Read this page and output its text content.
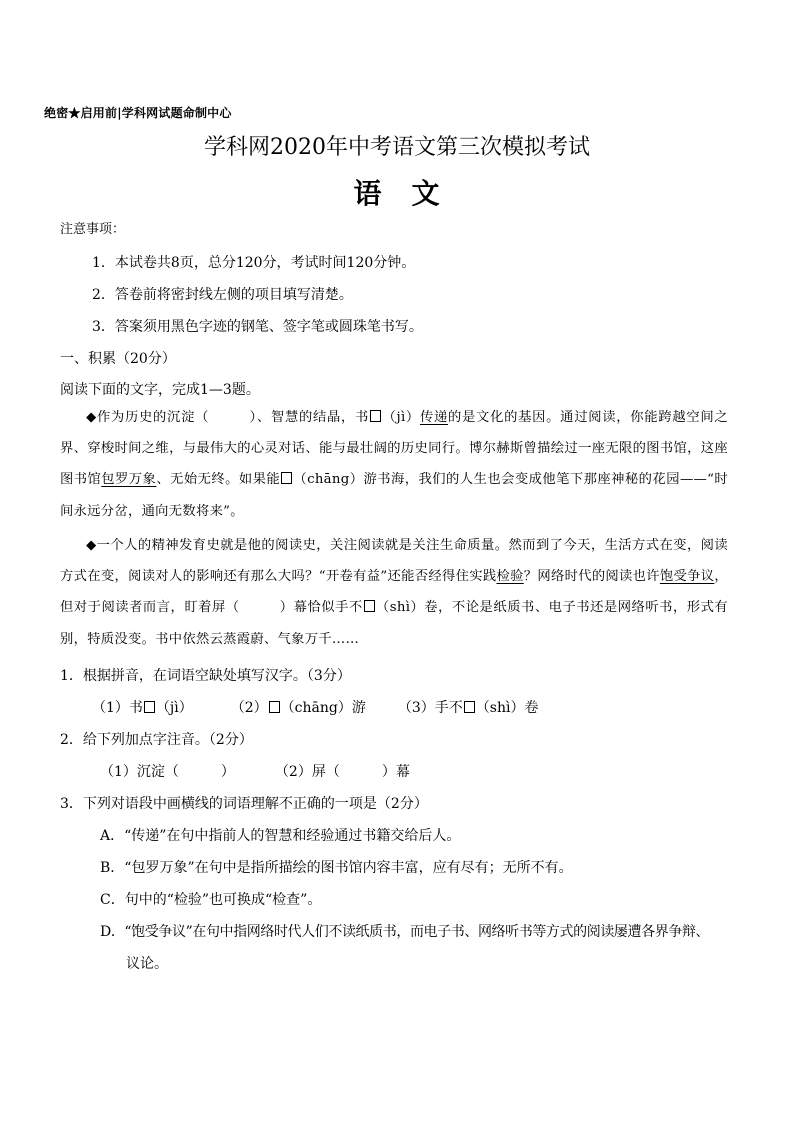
绝密★启用前|学科网试题命制中心
学科网2020年中考语文第三次模拟考试
语　文
注意事项：
1．本试卷共8页，总分120分，考试时间120分钟。
2．答卷前将密封线左侧的项目填写清楚。
3．答案须用黑色字迹的钢笔、签字笔或圆珠笔书写。
一、积累（20分）
阅读下面的文字，完成1—3题。
◆作为历史的沉淀（	）、智慧的结晶，书 （jì）传递的是文化的基因。通过阅读，你能跨越空间之界、穿梭时间之维，与最伟大的心灵对话、能与最壮阔的历史同行。博尔赫斯曾描绘过一座无限的图书馆，这座图书馆包罗万象、无始无终。如果能 （chāng）游书海，我们的人生也会变成他笔下那座神秘的花园——“时间永远分岔，通向无数将来”。
◆一个人的精神发育史就是他的阅读史，关注阅读就是关注生命质量。然而到了今天，生活方式在变，阅读方式在变，阅读对人的影响还有那么大吗？“开卷有益”还能否经得住实践检验？网络时代的阅读也许饱受争议，但对于阅读者而言，盯着屏（	）幕恰似手不 （shì）卷，不论是纸质书、电子书还是网络听书，形式有别，特质没变。书中依然云蒸霞蔚、气象万千……
1．根据拼音，在词语空缺处填写汉字。（3分）
（1）书 （jì）	（2） （chāng）游 （3）手不 （shì）卷
2．给下列加点字注音。（2分）
（1）沉淀（	）	（2）屏（	）幕
3．下列对语段中画横线的词语理解不正确的一项是（2分）
A．“传递”在句中指前人的智慧和经验通过书籍交给后人。
B．“包罗万象”在句中是指所描绘的图书馆内容丰富，应有尽有；无所不有。
C．句中的“检验”也可换成“检查”。
D．“饱受争议”在句中指网络时代人们不读纸质书，而电子书、网络听书等方式的阅读屡遭各界争辩、
议论。
